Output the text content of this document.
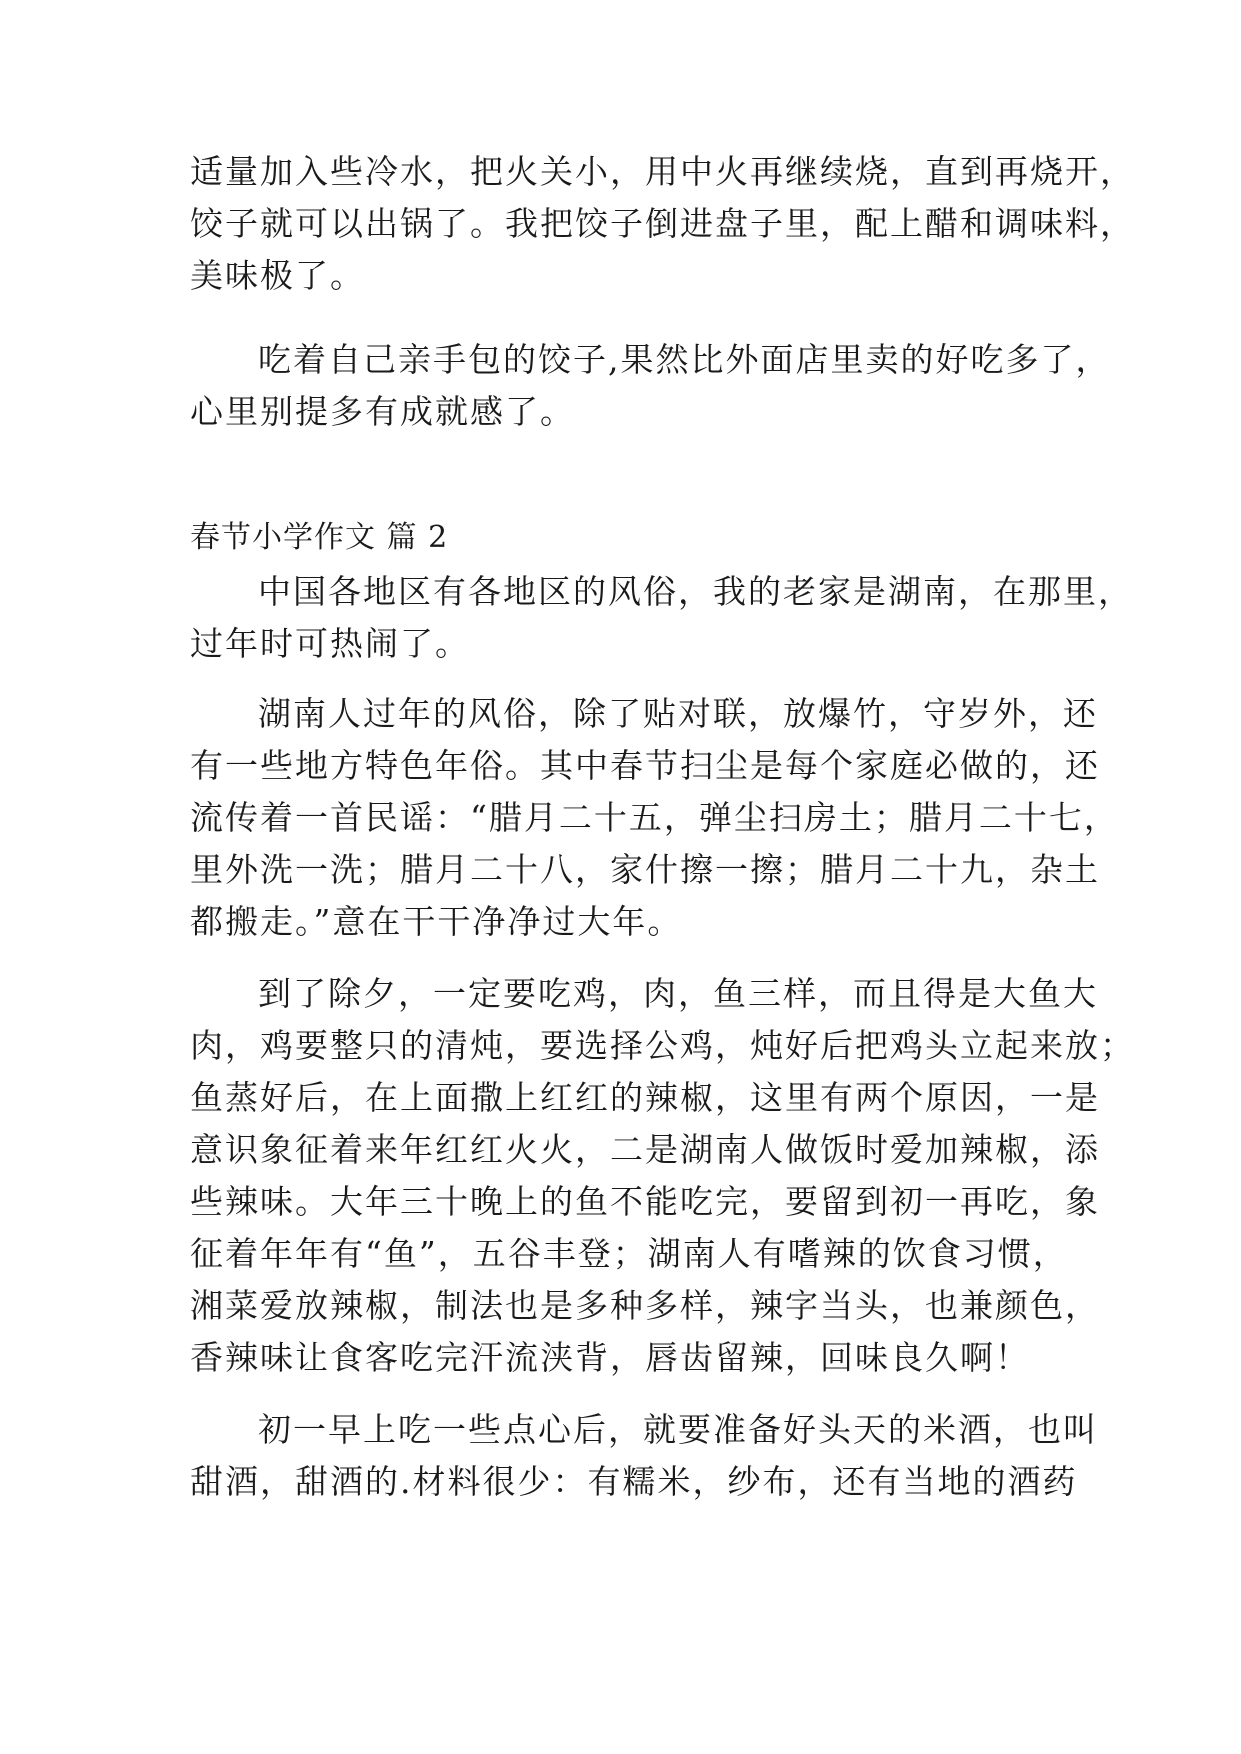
适量加入些冷水，把火关小，用中火再继续烧，直到再烧开，
饺子就可以出锅了。我把饺子倒进盘子里，配上醋和调味料，
美味极了。
吃着自己亲手包的饺子,果然比外面店里卖的好吃多了，
心里别提多有成就感了。
春节小学作文 篇 2
中国各地区有各地区的风俗，我的老家是湖南，在那里，
过年时可热闹了。
湖南人过年的风俗，除了贴对联，放爆竹，守岁外，还
有一些地方特色年俗。其中春节扫尘是每个家庭必做的，还
流传着一首民谣：“腊月二十五，弹尘扫房土；腊月二十七，
里外洗一洗；腊月二十八，家什擦一擦；腊月二十九，杂土
都搬走。”意在干干净净过大年。
到了除夕，一定要吃鸡，肉，鱼三样，而且得是大鱼大
肉，鸡要整只的清炖，要选择公鸡，炖好后把鸡头立起来放；
鱼蒸好后，在上面撒上红红的辣椒，这里有两个原因，一是
意识象征着来年红红火火，二是湖南人做饭时爱加辣椒，添
些辣味。大年三十晚上的鱼不能吃完，要留到初一再吃，象
征着年年有“鱼”，五谷丰登；湖南人有嗜辣的饮食习惯，
湘菜爱放辣椒，制法也是多种多样，辣字当头，也兼颜色，
香辣味让食客吃完汗流浃背，唇齿留辣，回味良久啊！
初一早上吃一些点心后，就要准备好头天的米酒，也叫
甜酒，甜酒的.材料很少：有糯米，纱布，还有当地的酒药
